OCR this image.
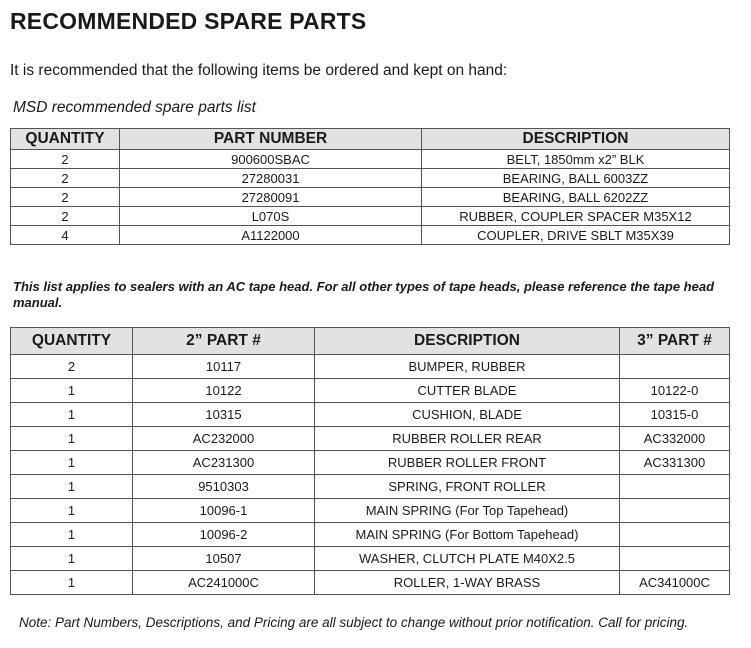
RECOMMENDED SPARE PARTS
It is recommended that the following items be ordered and kept on hand:
MSD recommended spare parts list
QUANTITY	PART NUMBER	DESCRIPTION
2	900600SBAC	BELT, 1850mm x2” BLK
2	27280031	BEARING, BALL 6003ZZ
2	27280091	BEARING, BALL 6202ZZ
2	L070S	RUBBER, COUPLER SPACER M35X12
4	A1122000	COUPLER, DRIVE SBLT M35X39
This list applies to sealers with an AC tape head. For all other types of tape heads, please reference the tape head manual.
QUANTITY	2” PART #	DESCRIPTION	3” PART #
2	10117	BUMPER, RUBBER	
1	10122	CUTTER BLADE	10122-0
1	10315	CUSHION, BLADE	10315-0
1	AC232000	RUBBER ROLLER REAR	AC332000
1	AC231300	RUBBER ROLLER FRONT	AC331300
1	9510303	SPRING, FRONT ROLLER	
1	10096-1	MAIN SPRING (For Top Tapehead)	
1	10096-2	MAIN SPRING (For Bottom Tapehead)	
1	10507	WASHER, CLUTCH PLATE M40X2.5	
1	AC241000C	ROLLER, 1-WAY BRASS	AC341000C
Note: Part Numbers, Descriptions, and Pricing are all subject to change without prior notification. Call for pricing.
